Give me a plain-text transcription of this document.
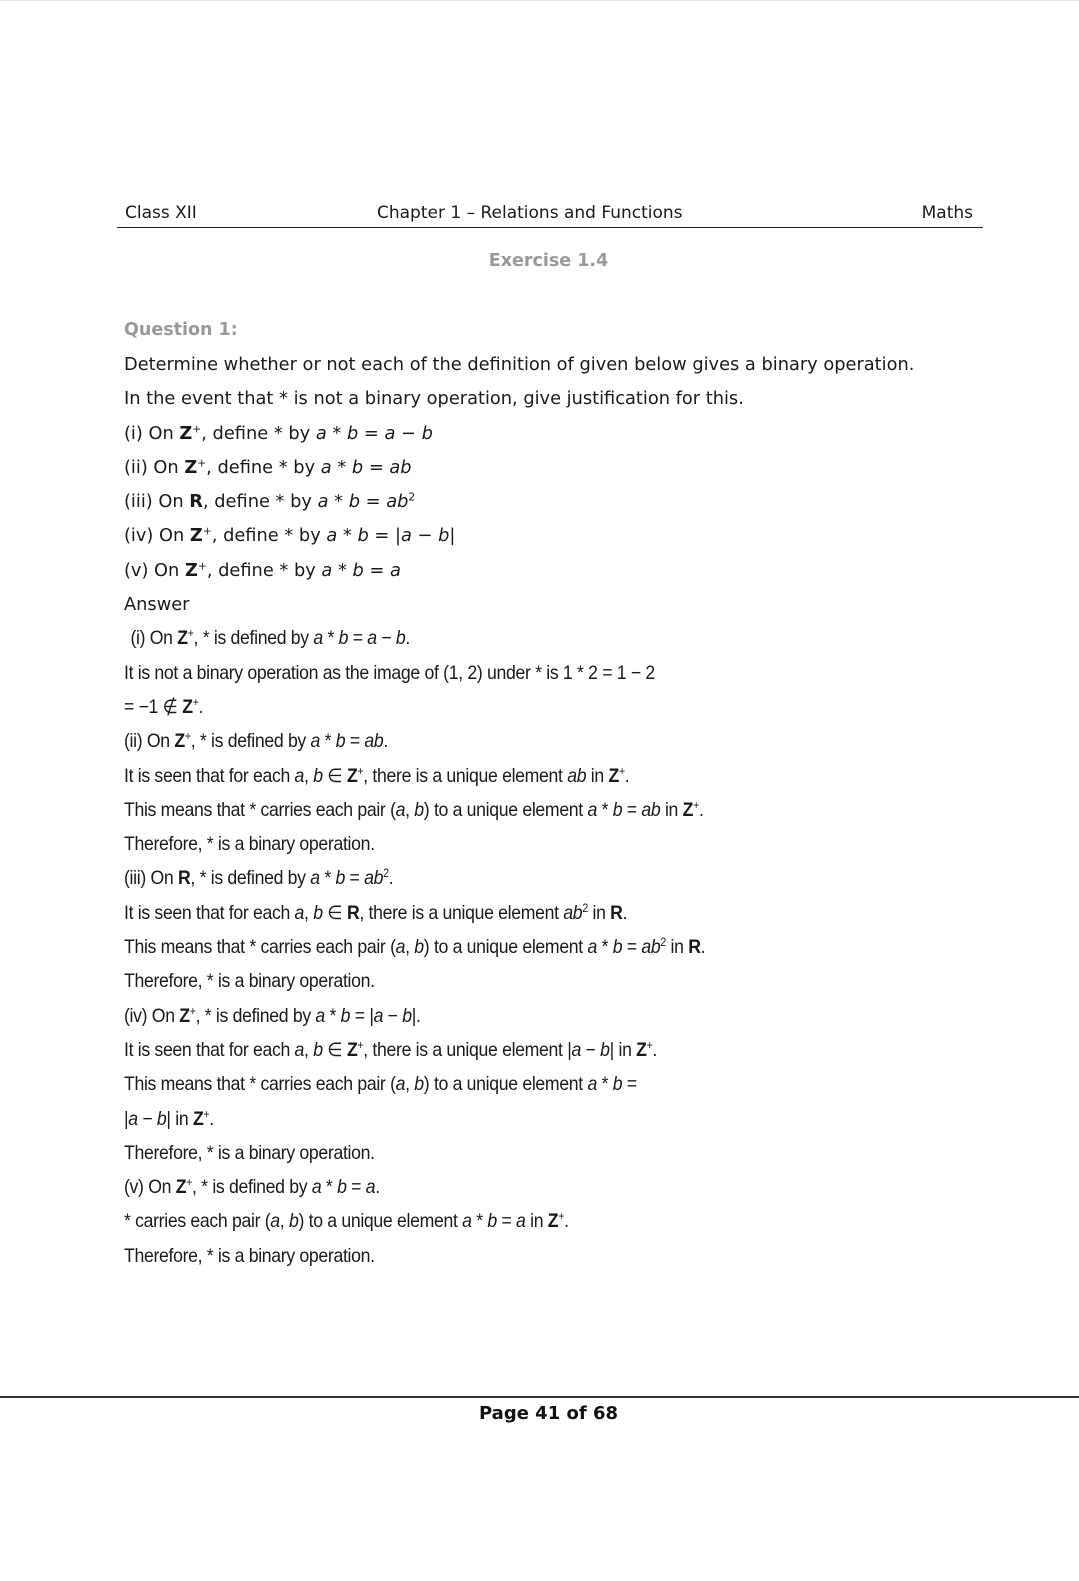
Class XII	Chapter 1 – Relations and Functions	Maths
Exercise 1.4
Question 1:
Determine whether or not each of the definition of given below gives a binary operation.
In the event that * is not a binary operation, give justification for this.
(i) On Z+, define * by a * b = a − b
(ii) On Z+, define * by a * b = ab
(iii) On R, define * by $a * b = ab^2$
(iv) On Z+, define * by a * b = |a − b|
(v) On Z+, define * by a * b = a
Answer
(i) On Z+, * is defined by a * b = a − b.
It is not a binary operation as the image of (1, 2) under * is 1 * 2 = 1 − 2
= −1 ∉ Z+.
(ii) On Z+, * is defined by a * b = ab.
It is seen that for each a, b ∈ Z+, there is a unique element ab in Z+.
This means that * carries each pair (a, b) to a unique element a * b = ab in Z+.
Therefore, * is a binary operation.
(iii) On R, * is defined by $a * b = ab^2$.
It is seen that for each a, b ∈ R, there is a unique element $ab^2$ in R.
This means that * carries each pair (a, b) to a unique element $a * b = ab^2$ in R.
Therefore, * is a binary operation.
(iv) On Z+, * is defined by a * b = |a − b|.
It is seen that for each a, b ∈ Z+, there is a unique element |a − b| in Z+.
This means that * carries each pair (a, b) to a unique element a * b =
|a − b| in Z+.
Therefore, * is a binary operation.
(v) On Z+, * is defined by a * b = a.
* carries each pair (a, b) to a unique element a * b = a in Z+.
Therefore, * is a binary operation.
Page 41 of 68
